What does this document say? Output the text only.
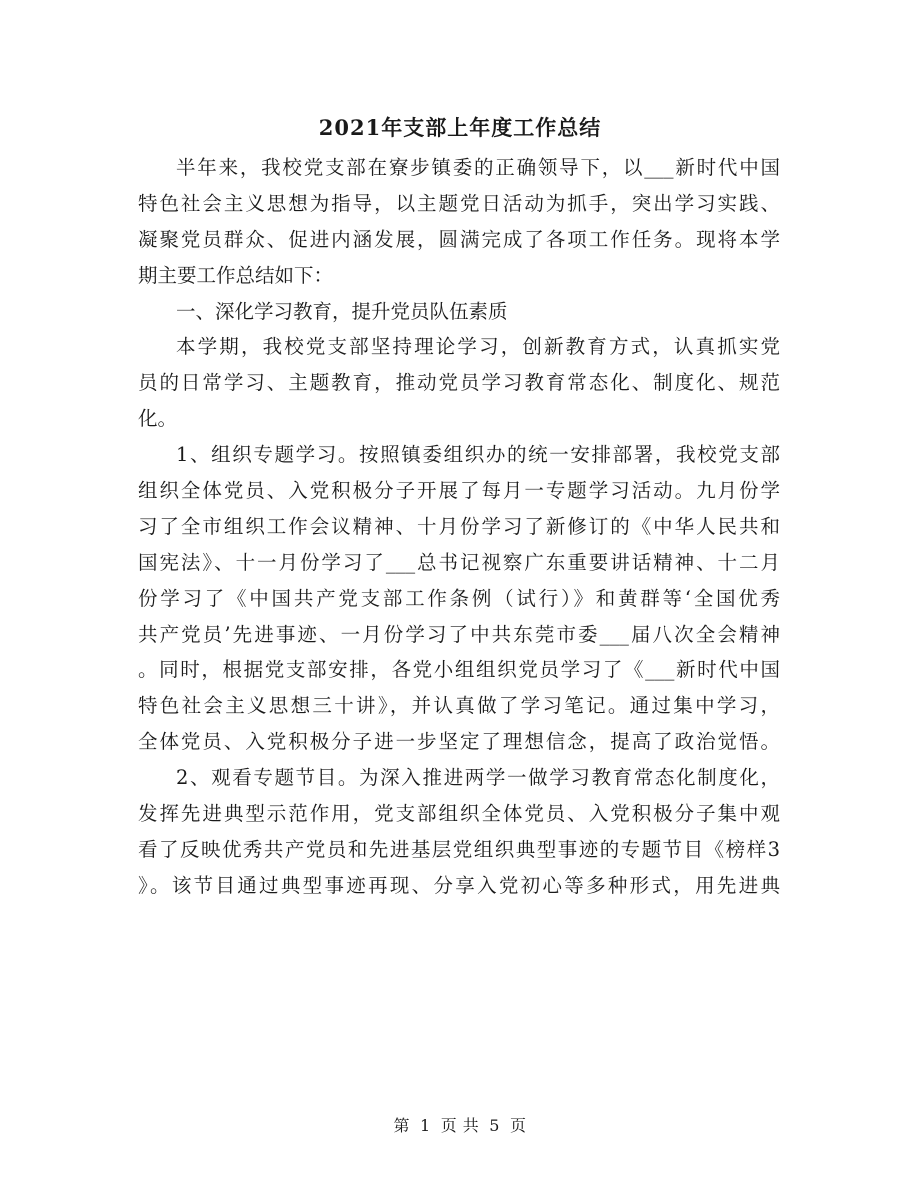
2021年支部上年度工作总结
半年来，我校党支部在寮步镇委的正确领导下，以___新时代中国
特色社会主义思想为指导，以主题党日活动为抓手，突出学习实践、
凝聚党员群众、促进内涵发展，圆满完成了各项工作任务。现将本学
期主要工作总结如下：
一、深化学习教育，提升党员队伍素质
本学期，我校党支部坚持理论学习，创新教育方式，认真抓实党
员的日常学习、主题教育，推动党员学习教育常态化、制度化、规范
化。
1、组织专题学习。按照镇委组织办的统一安排部署，我校党支部
组织全体党员、入党积极分子开展了每月一专题学习活动。九月份学
习了全市组织工作会议精神、十月份学习了新修订的《中华人民共和
国宪法》、十一月份学习了___总书记视察广东重要讲话精神、十二月
份学习了《中国共产党支部工作条例（试行）》和黄群等‘全国优秀
共产党员’先进事迹、一月份学习了中共东莞市委___届八次全会精神
。同时，根据党支部安排，各党小组组织党员学习了《___新时代中国
特色社会主义思想三十讲》，并认真做了学习笔记。通过集中学习，
全体党员、入党积极分子进一步坚定了理想信念，提高了政治觉悟。
2、观看专题节目。为深入推进两学一做学习教育常态化制度化，
发挥先进典型示范作用，党支部组织全体党员、入党积极分子集中观
看了反映优秀共产党员和先进基层党组织典型事迹的专题节目《榜样3
》。该节目通过典型事迹再现、分享入党初心等多种形式，用先进典
第 1 页 共 5 页
